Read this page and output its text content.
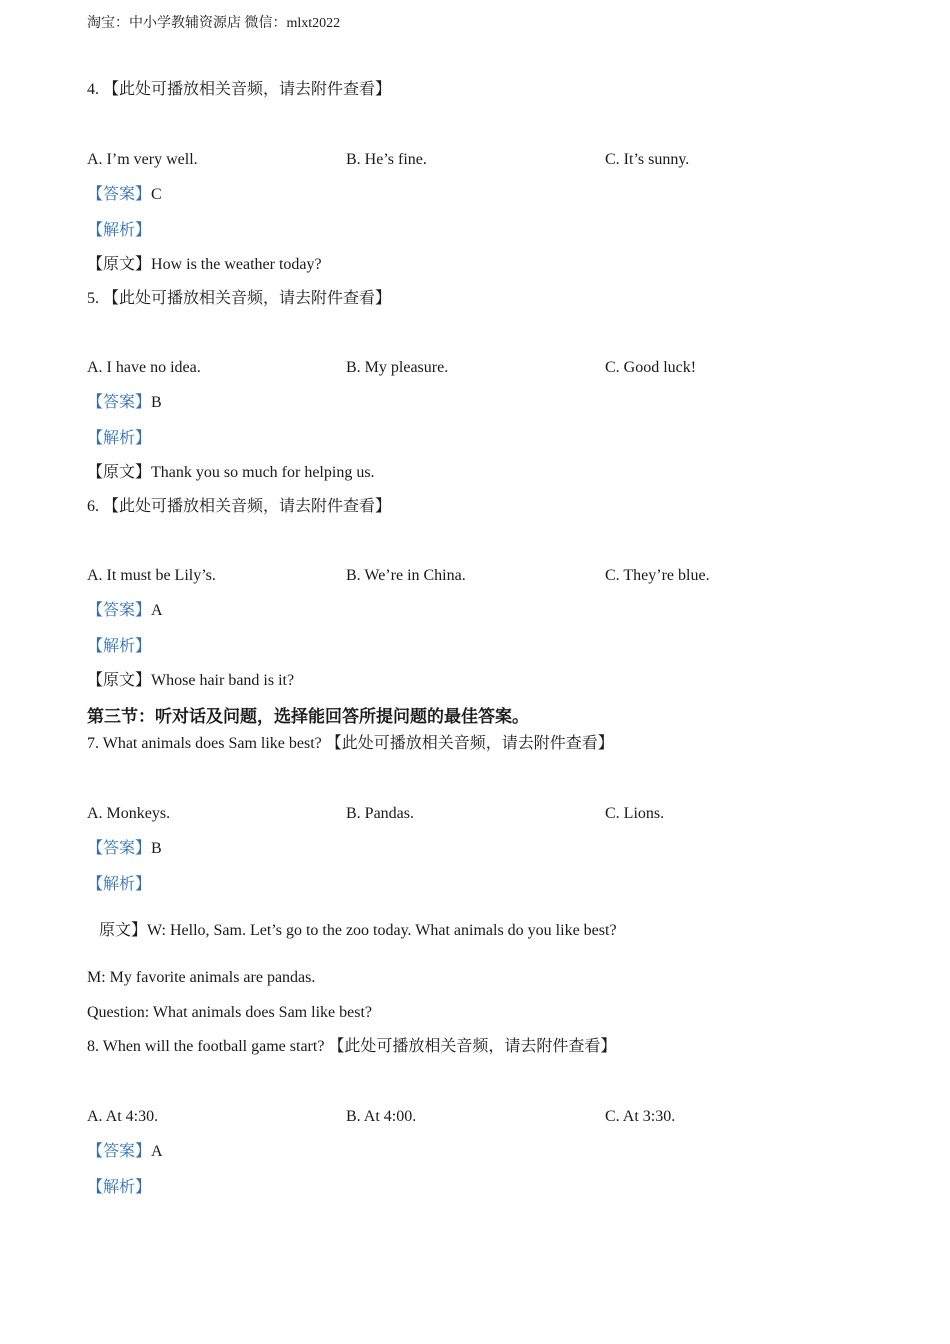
淘宝：中小学教辅资源店 微信：mlxt2022
4. 【此处可播放相关音频，请去附件查看】
A. I’m very well.	B. He’s fine.	C. It’s sunny.
【答案】C
【解析】
【原文】How is the weather today?
5. 【此处可播放相关音频，请去附件查看】
A. I have no idea.	B. My pleasure.	C. Good luck!
【答案】B
【解析】
【原文】Thank you so much for helping us.
6. 【此处可播放相关音频，请去附件查看】
A. It must be Lily’s.	B. We’re in China.	C. They’re blue.
【答案】A
【解析】
【原文】Whose hair band is it?
第三节：听对话及问题，选择能回答所提问题的最佳答案。
7. What animals does Sam like best? 【此处可播放相关音频，请去附件查看】
A. Monkeys.	B. Pandas.	C. Lions.
【答案】B
【解析】
原文】W: Hello, Sam. Let’s go to the zoo today. What animals do you like best?
M: My favorite animals are pandas.
Question: What animals does Sam like best?
8. When will the football game start? 【此处可播放相关音频，请去附件查看】
A. At 4:30.	B. At 4:00.	C. At 3:30.
【答案】A
【解析】
